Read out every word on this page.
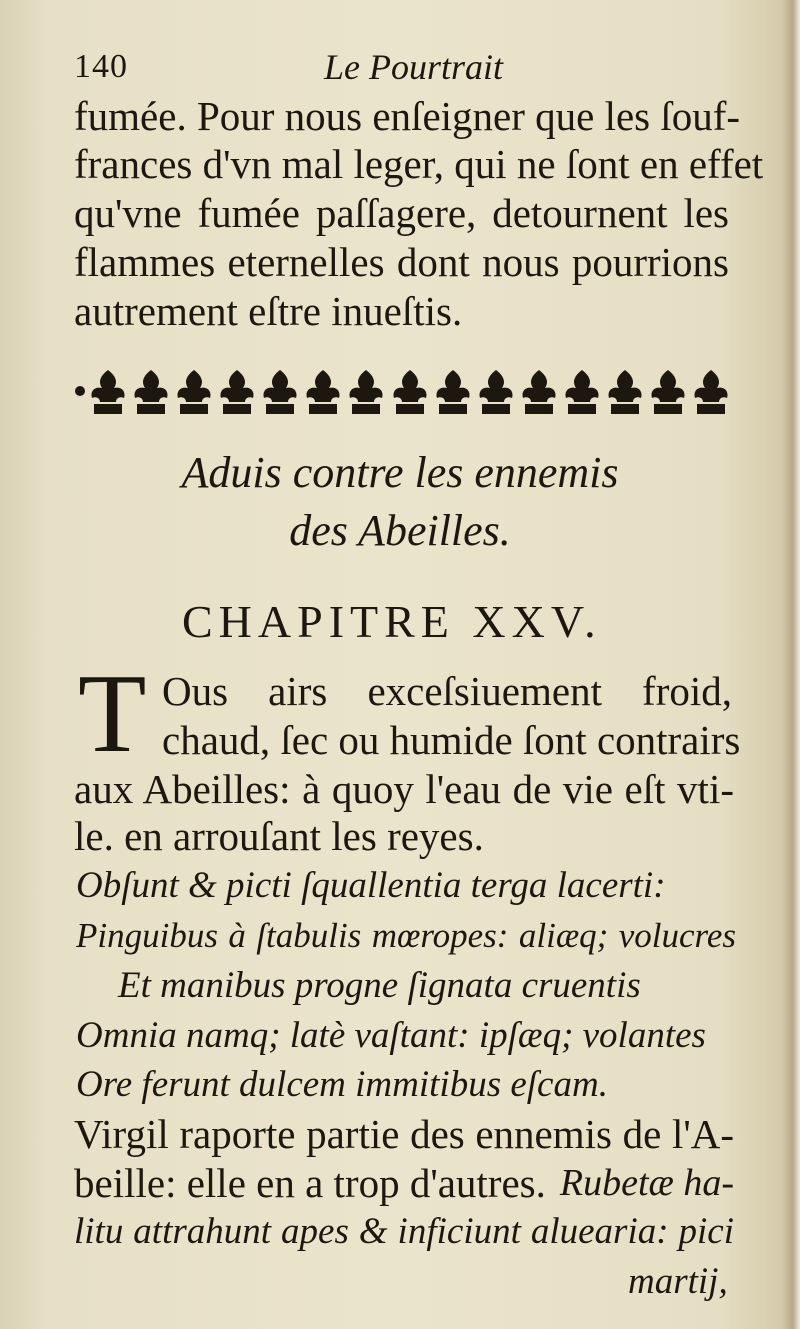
140	Le Pourtrait
fumée. Pour nous enſeigner que les ſouf-
frances d'vn mal leger, qui ne ſont en effet
qu'vne fumée paſſagere, detournent les
flammes eternelles dont nous pourrions
autrement eſtre inueſtis.
Aduis contre les ennemis
des Abeilles.
CHAPITRE XXV.
T Ous airs exceſsiuement froid,
chaud, ſec ou humide ſont contrairs
aux Abeilles: à quoy l'eau de vie eſt vti-
le. en arrouſant les reyes.
Obſunt & picti ſquallentia terga lacerti:
Pinguibus à ſtabulis mœropes: aliæq; volucres
Et manibus progne ſignata cruentis
Omnia namq; latè vaſtant: ipſæq; volantes
Ore ferunt dulcem immitibus eſcam.
Virgil raporte partie des ennemis de l'A-
beille: elle en a trop d'autres. Rubetæ ha-
litu attrahunt apes & inficiunt aluearia: pici
martij,
